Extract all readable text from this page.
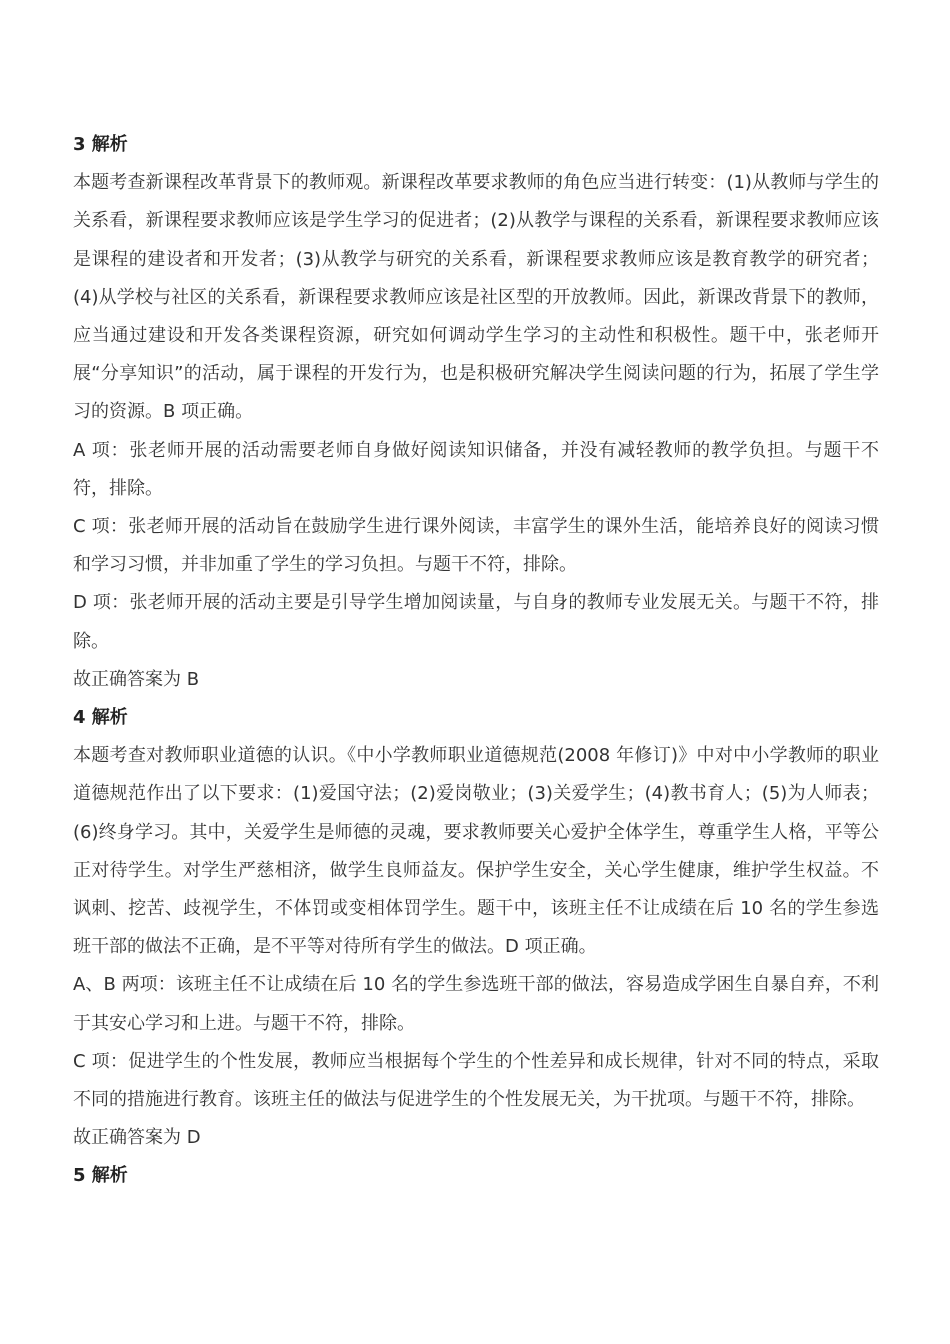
3 解析

本题考查新课程改革背景下的教师观。新课程改革要求教师的角色应当进行转变：(1)从教师与学生的关系看，新课程要求教师应该是学生学习的促进者；(2)从教学与课程的关系看，新课程要求教师应该是课程的建设者和开发者；(3)从教学与研究的关系看，新课程要求教师应该是教育教学的研究者；(4)从学校与社区的关系看，新课程要求教师应该是社区型的开放教师。因此，新课改背景下的教师，应当通过建设和开发各类课程资源，研究如何调动学生学习的主动性和积极性。题干中，张老师开展“分享知识”的活动，属于课程的开发行为，也是积极研究解决学生阅读问题的行为，拓展了学生学习的资源。B 项正确。

A 项：张老师开展的活动需要老师自身做好阅读知识储备，并没有减轻教师的教学负担。与题干不符，排除。

C 项：张老师开展的活动旨在鼓励学生进行课外阅读，丰富学生的课外生活，能培养良好的阅读习惯和学习习惯，并非加重了学生的学习负担。与题干不符，排除。

D 项：张老师开展的活动主要是引导学生增加阅读量，与自身的教师专业发展无关。与题干不符，排除。

故正确答案为 B

4 解析

本题考查对教师职业道德的认识。《中小学教师职业道德规范(2008 年修订)》中对中小学教师的职业道德规范作出了以下要求：(1)爱国守法；(2)爱岗敬业；(3)关爱学生；(4)教书育人；(5)为人师表；(6)终身学习。其中，关爱学生是师德的灵魂，要求教师要关心爱护全体学生，尊重学生人格，平等公正对待学生。对学生严慈相济，做学生良师益友。保护学生安全，关心学生健康，维护学生权益。不讽刺、挖苦、歧视学生，不体罚或变相体罚学生。题干中，该班主任不让成绩在后 10 名的学生参选班干部的做法不正确，是不平等对待所有学生的做法。D 项正确。

A、B 两项：该班主任不让成绩在后 10 名的学生参选班干部的做法，容易造成学困生自暴自弃，不利于其安心学习和上进。与题干不符，排除。

C 项：促进学生的个性发展，教师应当根据每个学生的个性差异和成长规律，针对不同的特点，采取不同的措施进行教育。该班主任的做法与促进学生的个性发展无关，为干扰项。与题干不符，排除。

故正确答案为 D

5 解析
